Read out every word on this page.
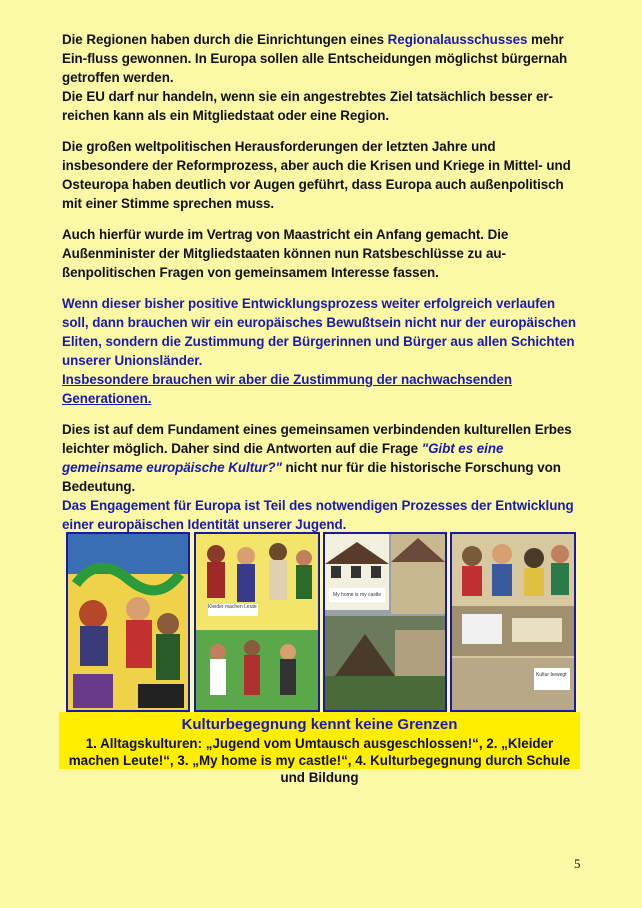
Die Regionen haben durch die Einrichtungen eines Regionalausschusses mehr Ein-fluss gewonnen. In Europa sollen alle Entscheidungen möglichst bürgernah getroffen werden.
Die EU darf nur handeln, wenn sie ein angestrebtes Ziel tatsächlich besser er-reichen kann als ein Mitgliedstaat oder eine Region.

Die großen weltpolitischen Herausforderungen der letzten Jahre und insbesondere der Reformprozess, aber auch die Krisen und Kriege in Mittel- und Osteuropa haben deutlich vor Augen geführt, dass Europa auch außenpolitisch mit einer Stimme sprechen muss.

Auch hierfür wurde im Vertrag von Maastricht ein Anfang gemacht. Die Außenminister der Mitgliedstaaten können nun Ratsbeschlüsse zu au-ßenpolitischen Fragen von gemeinsamem Interesse fassen.

Wenn dieser bisher positive Entwicklungsprozess weiter erfolgreich verlaufen soll, dann brauchen wir ein europäisches Bewußtsein nicht nur der europäischen Eliten, sondern die Zustimmung der Bürgerinnen und Bürger aus allen Schichten unserer Unionsländer.
Insbesondere brauchen wir aber die Zustimmung der nachwachsenden Generationen.

Dies ist auf dem Fundament eines gemeinsamen verbindenden kulturellen Erbes leichter möglich. Daher sind die Antworten auf die Frage "Gibt es eine gemeinsame europäische Kultur?" nicht nur für die historische Forschung von Bedeutung.
Das Engagement für Europa ist Teil des notwendigen Prozesses der Entwicklung einer europäischen Identität unserer Jugend.

Kleider machen Leute
My home is my castle
Kultur bewegt
Kulturbegegnung kennt keine Grenzen
1. Alltagskulturen: „Jugend vom Umtausch ausgeschlossen!“, 2. „Kleider machen Leute!“, 3. „My home is my castle!“, 4. Kulturbegegnung durch Schule und Bildung
5
